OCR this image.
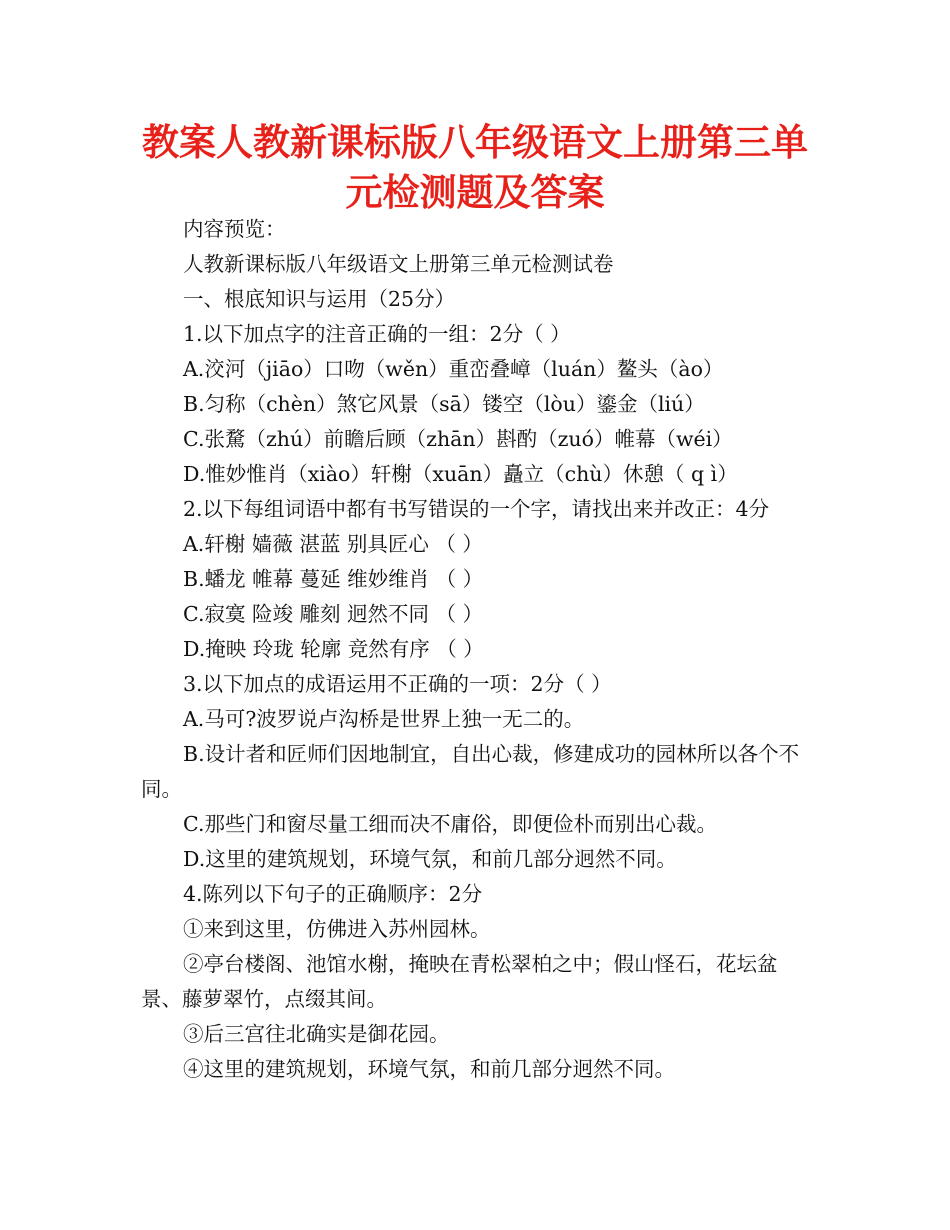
教案人教新课标版八年级语文上册第三单
元检测题及答案

内容预览：

人教新课标版八年级语文上册第三单元检测试卷

一、根底知识与运用（25分）

1.以下加点字的注音正确的一组：2分（ ）

A.洨河（jiāo）口吻（wěn）重峦叠嶂（luán）鳌头（ào）

B.匀称（chèn）煞它风景（sā）镂空（lòu）鎏金（liú）

C.张騖（zhú）前瞻后顾（zhān）斟酌（zuó）帷幕（wéi）

D.惟妙惟肖（xiào）轩榭（xuān）矗立（chù）休憩（ q ì）

2.以下每组词语中都有书写错误的一个字，请找出来并改正：4分

A.轩榭 嫱薇 湛蓝 别具匠心 （ ）

B.蟠龙 帷幕 蔓延 维妙维肖 （ ）

C.寂寞 险竣 雕刻 迥然不同 （ ）

D.掩映 玲珑 轮廓 竞然有序 （ ）

3.以下加点的成语运用不正确的一项：2分（ ）

A.马可?波罗说卢沟桥是世界上独一无二的。

B.设计者和匠师们因地制宜，自出心裁，修建成功的园林所以各个不同。

C.那些门和窗尽量工细而决不庸俗，即便俭朴而别出心裁。

D.这里的建筑规划，环境气氛，和前几部分迥然不同。

4.陈列以下句子的正确顺序：2分

①来到这里，仿佛进入苏州园林。

②亭台楼阁、池馆水榭，掩映在青松翠柏之中；假山怪石，花坛盆景、藤萝翠竹，点缀其间。

③后三宫往北确实是御花园。

④这里的建筑规划，环境气氛，和前几部分迥然不同。
